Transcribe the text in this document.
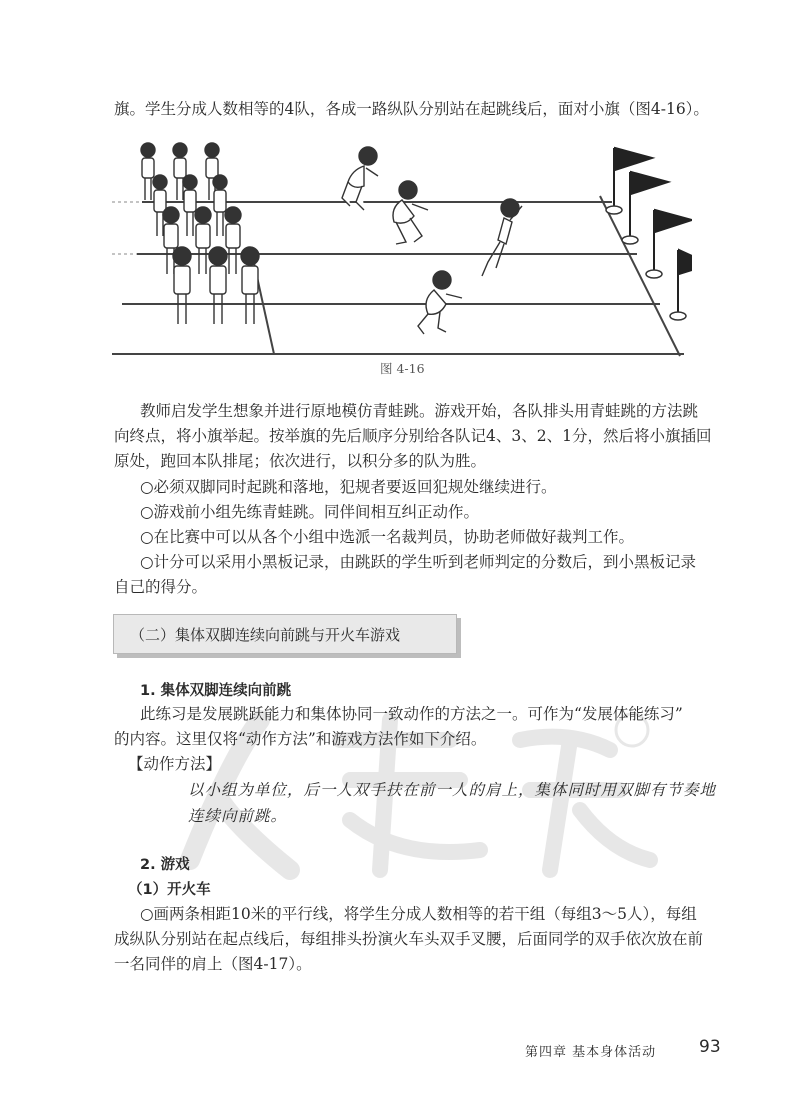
旗。学生分成人数相等的4队，各成一路纵队分别站在起跳线后，面对小旗（图4-16）。
图 4-16
教师启发学生想象并进行原地模仿青蛙跳。游戏开始，各队排头用青蛙跳的方法跳
向终点，将小旗举起。按举旗的先后顺序分别给各队记4、3、2、1分，然后将小旗插回
原处，跑回本队排尾；依次进行，以积分多的队为胜。
○必须双脚同时起跳和落地，犯规者要返回犯规处继续进行。
○游戏前小组先练青蛙跳。同伴间相互纠正动作。
○在比赛中可以从各个小组中选派一名裁判员，协助老师做好裁判工作。
○计分可以采用小黑板记录，由跳跃的学生听到老师判定的分数后，到小黑板记录
自己的得分。
（二）集体双脚连续向前跳与开火车游戏
1. 集体双脚连续向前跳
此练习是发展跳跃能力和集体协同一致动作的方法之一。可作为“发展体能练习”
的内容。这里仅将“动作方法”和游戏方法作如下介绍。
【动作方法】
以小组为单位，后一人双手扶在前一人的肩上，集体同时用双脚有节奏地
连续向前跳。
2. 游戏
（1）开火车
○画两条相距10米的平行线，将学生分成人数相等的若干组（每组3～5人），每组
成纵队分别站在起点线后，每组排头扮演火车头双手叉腰，后面同学的双手依次放在前
一名同伴的肩上（图4-17）。
第四章 基本身体活动	93
